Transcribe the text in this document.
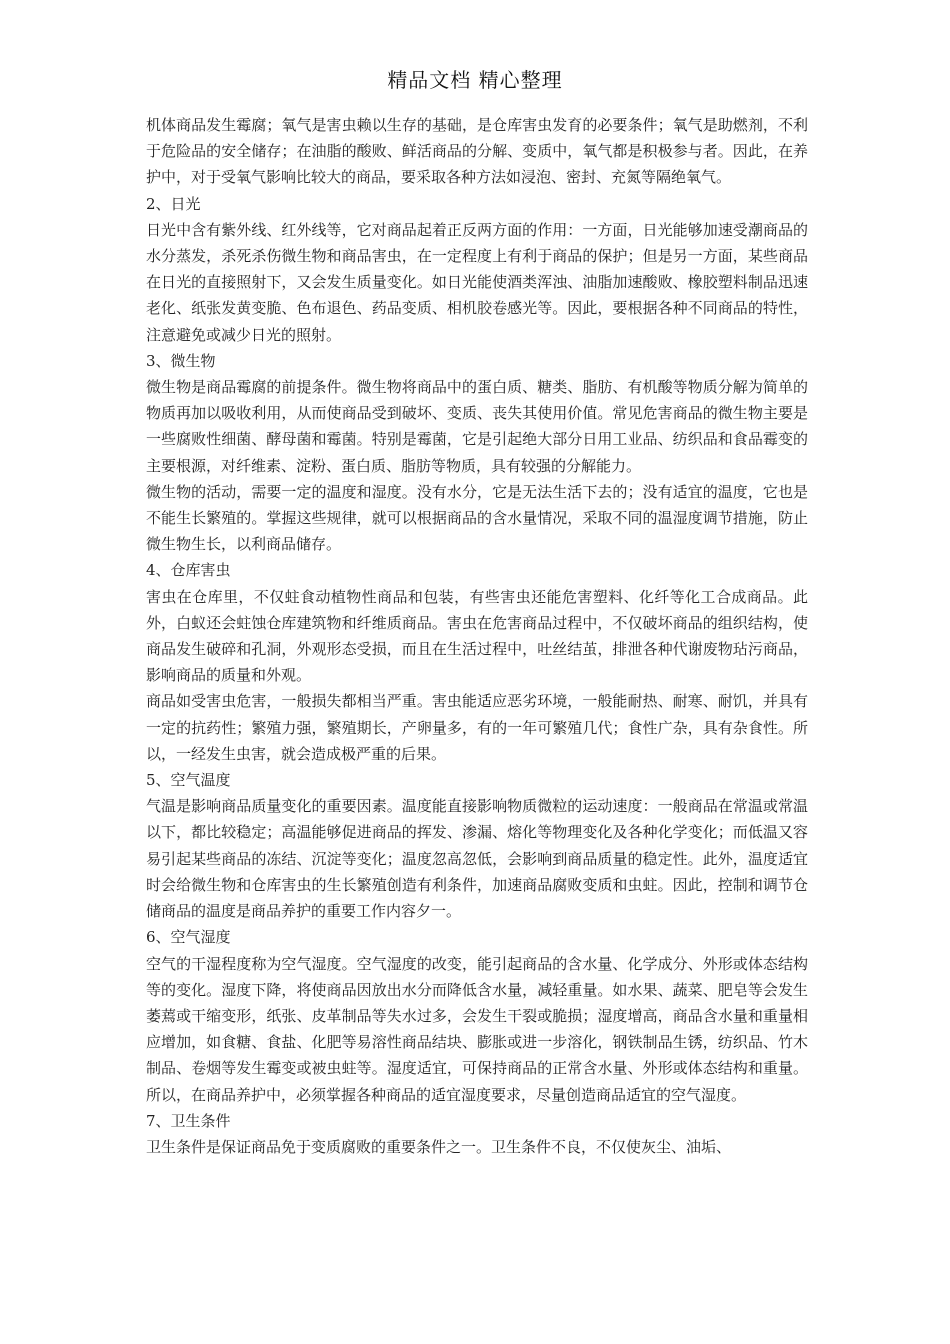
精品文档 精心整理

机体商品发生霉腐；氧气是害虫赖以生存的基础，是仓库害虫发育的必要条件；氧气是助燃剂，不利于危险品的安全储存；在油脂的酸败、鲜活商品的分解、变质中，氧气都是积极参与者。因此，在养护中，对于受氧气影响比较大的商品，要采取各种方法如浸泡、密封、充氮等隔绝氧气。

2、日光

日光中含有紫外线、红外线等，它对商品起着正反两方面的作用：一方面，日光能够加速受潮商品的水分蒸发，杀死杀伤微生物和商品害虫，在一定程度上有利于商品的保护；但是另一方面，某些商品在日光的直接照射下，又会发生质量变化。如日光能使酒类浑浊、油脂加速酸败、橡胶塑料制品迅速老化、纸张发黄变脆、色布退色、药品变质、相机胶卷感光等。因此，要根据各种不同商品的特性，注意避免或减少日光的照射。

3、微生物

微生物是商品霉腐的前提条件。微生物将商品中的蛋白质、糖类、脂肪、有机酸等物质分解为简单的物质再加以吸收利用，从而使商品受到破坏、变质、丧失其使用价值。常见危害商品的微生物主要是一些腐败性细菌、酵母菌和霉菌。特别是霉菌，它是引起绝大部分日用工业品、纺织品和食品霉变的主要根源，对纤维素、淀粉、蛋白质、脂肪等物质，具有较强的分解能力。

微生物的活动，需要一定的温度和湿度。没有水分，它是无法生活下去的；没有适宜的温度，它也是不能生长繁殖的。掌握这些规律，就可以根据商品的含水量情况，采取不同的温湿度调节措施，防止微生物生长，以利商品储存。

4、仓库害虫

害虫在仓库里，不仅蛀食动植物性商品和包装，有些害虫还能危害塑料、化纤等化工合成商品。此外，白蚁还会蛀蚀仓库建筑物和纤维质商品。害虫在危害商品过程中，不仅破坏商品的组织结构，使商品发生破碎和孔洞，外观形态受损，而且在生活过程中，吐丝结茧，排泄各种代谢废物玷污商品，影响商品的质量和外观。

商品如受害虫危害，一般损失都相当严重。害虫能适应恶劣环境，一般能耐热、耐寒、耐饥，并具有一定的抗药性；繁殖力强，繁殖期长，产卵量多，有的一年可繁殖几代；食性广杂，具有杂食性。所以，一经发生虫害，就会造成极严重的后果。

5、空气温度

气温是影响商品质量变化的重要因素。温度能直接影响物质微粒的运动速度：一般商品在常温或常温以下，都比较稳定；高温能够促进商品的挥发、渗漏、熔化等物理变化及各种化学变化；而低温又容易引起某些商品的冻结、沉淀等变化；温度忽高忽低，会影响到商品质量的稳定性。此外，温度适宜时会给微生物和仓库害虫的生长繁殖创造有利条件，加速商品腐败变质和虫蛀。因此，控制和调节仓储商品的温度是商品养护的重要工作内容夕一。

6、空气湿度

空气的干湿程度称为空气湿度。空气湿度的改变，能引起商品的含水量、化学成分、外形或体态结构等的变化。湿度下降，将使商品因放出水分而降低含水量，减轻重量。如水果、蔬菜、肥皂等会发生萎蔫或干缩变形，纸张、皮革制品等失水过多，会发生干裂或脆损；湿度增高，商品含水量和重量相应增加，如食糖、食盐、化肥等易溶性商品结块、膨胀或进一步溶化，钢铁制品生锈，纺织品、竹木制品、卷烟等发生霉变或被虫蛀等。湿度适宜，可保持商品的正常含水量、外形或体态结构和重量。所以，在商品养护中，必须掌握各种商品的适宜湿度要求，尽量创造商品适宜的空气湿度。

7、卫生条件

卫生条件是保证商品免于变质腐败的重要条件之一。卫生条件不良，不仅使灰尘、油垢、
